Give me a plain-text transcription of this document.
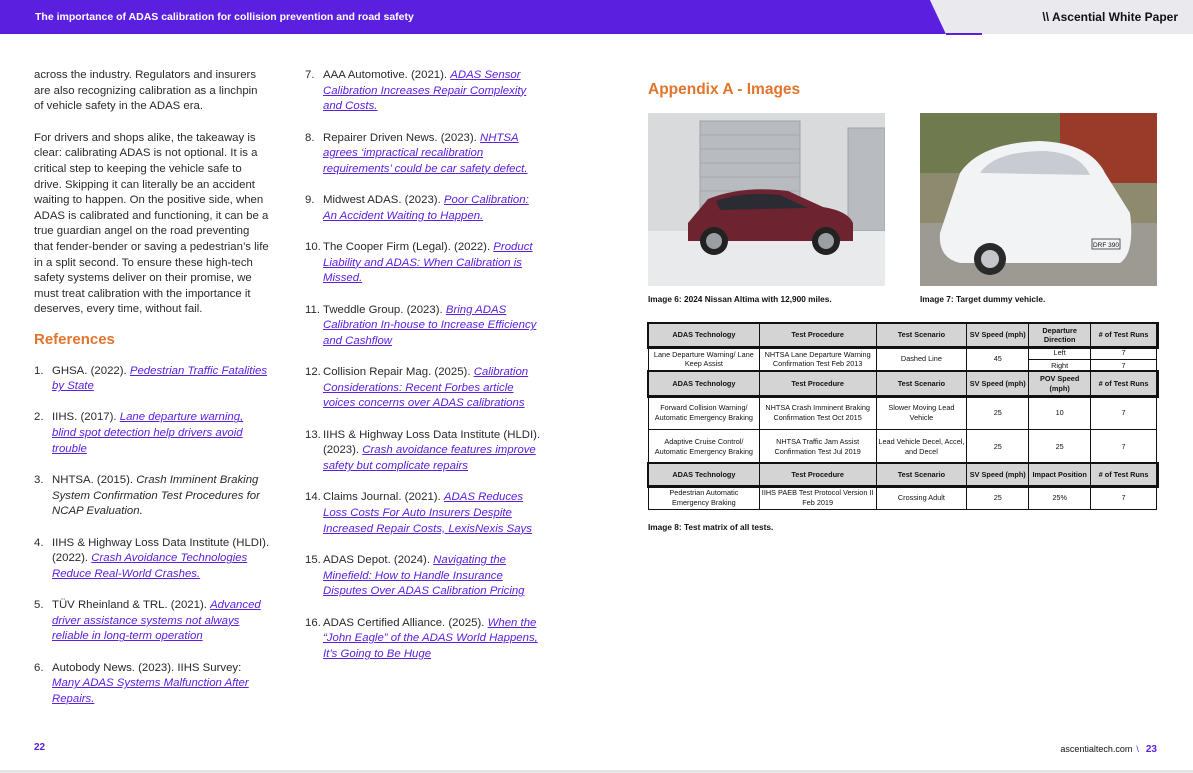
The importance of ADAS calibration for collision prevention and road safety	\\ Ascential White Paper

across the industry. Regulators and insurers are also recognizing calibration as a linchpin of vehicle safety in the ADAS era.

For drivers and shops alike, the takeaway is clear: calibrating ADAS is not optional. It is a critical step to keeping the vehicle safe to drive. Skipping it can literally be an accident waiting to happen. On the positive side, when ADAS is calibrated and functioning, it can be a true guardian angel on the road preventing that fender-bender or saving a pedestrian’s life in a split second. To ensure these high-tech safety systems deliver on their promise, we must treat calibration with the importance it deserves, every time, without fail.

References
1. GHSA. (2022). Pedestrian Traffic Fatalities by State
2. IIHS. (2017). Lane departure warning, blind spot detection help drivers avoid trouble
3. NHTSA. (2015). Crash Imminent Braking System Confirmation Test Procedures for NCAP Evaluation.
4. IIHS & Highway Loss Data Institute (HLDI). (2022). Crash Avoidance Technologies Reduce Real-World Crashes.
5. TÜV Rheinland & TRL. (2021). Advanced driver assistance systems not always reliable in long-term operation
6. Autobody News. (2023). IIHS Survey: Many ADAS Systems Malfunction After Repairs.
7. AAA Automotive. (2021). ADAS Sensor Calibration Increases Repair Complexity and Costs.
8. Repairer Driven News. (2023). NHTSA agrees ‘impractical recalibration requirements’ could be car safety defect.
9. Midwest ADAS. (2023). Poor Calibration: An Accident Waiting to Happen.
10. The Cooper Firm (Legal). (2022). Product Liability and ADAS: When Calibration is Missed.
11. Tweddle Group. (2023). Bring ADAS Calibration In-house to Increase Efficiency and Cashflow
12. Collision Repair Mag. (2025). Calibration Considerations: Recent Forbes article voices concerns over ADAS calibrations
13. IIHS & Highway Loss Data Institute (HLDI). (2023). Crash avoidance features improve safety but complicate repairs
14. Claims Journal. (2021). ADAS Reduces Loss Costs For Auto Insurers Despite Increased Repair Costs, LexisNexis Says
15. ADAS Depot. (2024). Navigating the Minefield: How to Handle Insurance Disputes Over ADAS Calibration Pricing
16. ADAS Certified Alliance. (2025). When the “John Eagle” of the ADAS World Happens, It’s Going to Be Huge
Appendix A - Images
Image 6: 2024 Nissan Altima with 12,900 miles.
DRF 390
Image 7: Target dummy vehicle.
ADAS Technology	Test Procedure	Test Scenario	SV Speed (mph)	Departure Direction	# of Test Runs
Lane Departure Warning/ Lane Keep Assist	NHTSA Lane Departure Warning Confirmation Test Feb 2013	Dashed Line	45	Left	7
				Right	7
ADAS Technology	Test Procedure	Test Scenario	SV Speed (mph)	POV Speed (mph)	# of Test Runs
Forward Collision Warning/ Automatic Emergency Braking	NHTSA Crash Imminent Braking Confirmation Test Oct 2015	Slower Moving Lead Vehicle	25	10	7
Adaptive Cruise Control/ Automatic Emergency Braking	NHTSA Traffic Jam Assist Confirmation Test Jul 2019	Lead Vehicle Decel, Accel, and Decel	25	25	7
ADAS Technology	Test Procedure	Test Scenario	SV Speed (mph)	Impact Position	# of Test Runs
Pedestrian Automatic Emergency Braking	IIHS PAEB Test Protocol Version II Feb 2019	Crossing Adult	25	25%	7
Image 8: Test matrix of all tests.
22	ascentialtech.com \ 23
